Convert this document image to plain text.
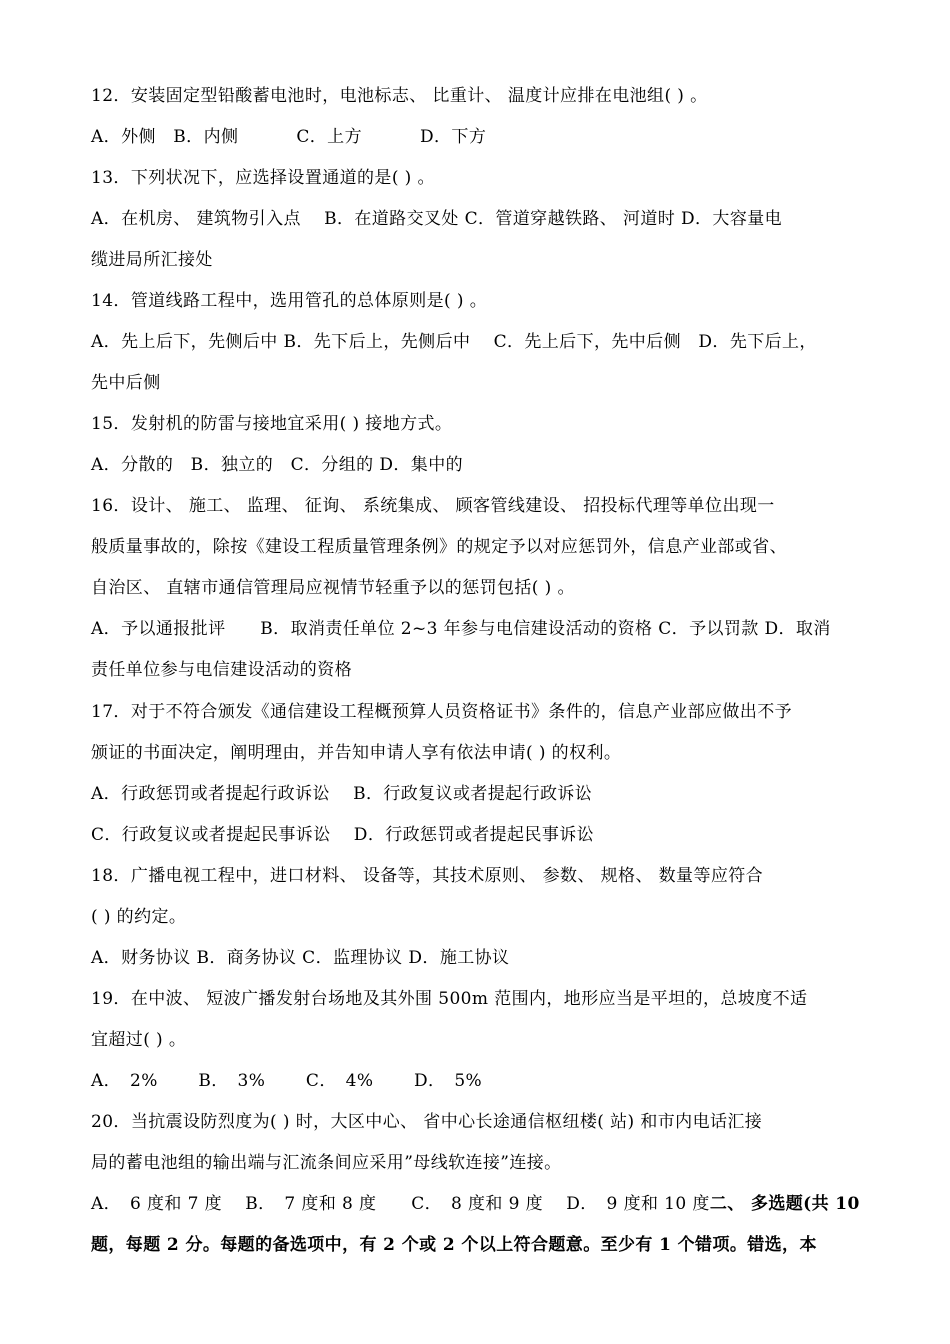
12．安装固定型铅酸蓄电池时，电池标志、 比重计、 温度计应排在电池组( ) 。
A．外侧　B．内侧　　　 C．上方　　　 D．下方
13．下列状况下，应选择设置通道的是( ) 。
A．在机房、 建筑物引入点　 B．在道路交叉处 C．管道穿越铁路、 河道时 D．大容量电
缆进局所汇接处
14．管道线路工程中，选用管孔的总体原则是( ) 。
A．先上后下，先侧后中 B．先下后上，先侧后中　 C．先上后下，先中后侧　D．先下后上，
先中后侧
15．发射机的防雷与接地宜采用( ) 接地方式。
A．分散的　B．独立的　C．分组的 D．集中的
16．设计、 施工、 监理、 征询、 系统集成、 顾客管线建设、 招投标代理等单位出现一
般质量事故的，除按《建设工程质量管理条例》的规定予以对应惩罚外，信息产业部或省、
自治区、 直辖市通信管理局应视情节轻重予以的惩罚包括( ) 。
A．予以通报批评　　B．取消责任单位 2~3 年参与电信建设活动的资格 C．予以罚款 D．取消
责任单位参与电信建设活动的资格
17．对于不符合颁发《通信建设工程概预算人员资格证书》条件的，信息产业部应做出不予
颁证的书面决定，阐明理由，并告知申请人享有依法申请( ) 的权利。
A．行政惩罚或者提起行政诉讼　 B．行政复议或者提起行政诉讼
C．行政复议或者提起民事诉讼　 D．行政惩罚或者提起民事诉讼
18．广播电视工程中，进口材料、 设备等，其技术原则、 参数、 规格、 数量等应符合
( ) 的约定。
A．财务协议 B．商务协议 C．监理协议 D．施工协议
19．在中波、 短波广播发射台场地及其外围 500m 范围内，地形应当是平坦的，总坡度不适
宜超过( ) 。
A．　2%　　 B．　3%　　 C．　4%　　 D．　5%
20．当抗震设防烈度为( ) 时，大区中心、 省中心长途通信枢纽楼( 站) 和市内电话汇接
局的蓄电池组的输出端与汇流条间应采用”母线软连接”连接。
A．　6 度和 7 度　 B．　7 度和 8 度　　C．　8 度和 9 度　 D．　9 度和 10 度二、 多选题(共 10
题，每题 2 分。每题的备选项中，有 2 个或 2 个以上符合题意。至少有 1 个错项。错选，本
